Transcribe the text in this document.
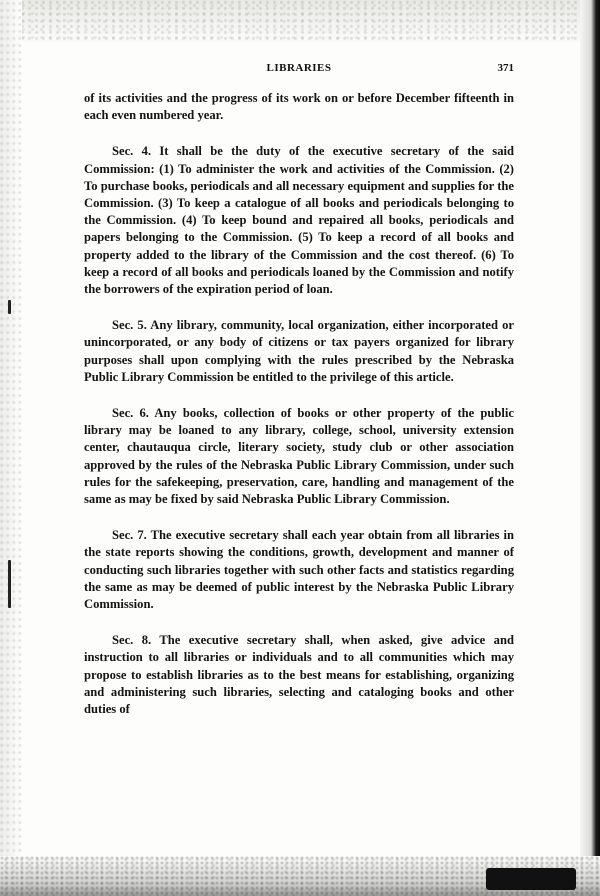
LIBRARIES	371

of its activities and the progress of its work on or before December fifteenth in each even numbered year.

Sec. 4. It shall be the duty of the executive secretary of the said Commission: (1) To administer the work and activities of the Commission. (2) To purchase books, periodicals and all necessary equipment and supplies for the Commission. (3) To keep a catalogue of all books and periodicals belonging to the Commission. (4) To keep bound and repaired all books, periodicals and papers belonging to the Commission. (5) To keep a record of all books and property added to the library of the Commission and the cost thereof. (6) To keep a record of all books and periodicals loaned by the Commission and notify the borrowers of the expiration period of loan.

Sec. 5. Any library, community, local organization, either incorporated or unincorporated, or any body of citizens or tax payers organized for library purposes shall upon complying with the rules prescribed by the Nebraska Public Library Commission be entitled to the privilege of this article.

Sec. 6. Any books, collection of books or other property of the public library may be loaned to any library, college, school, university extension center, chautauqua circle, literary society, study club or other association approved by the rules of the Nebraska Public Library Commission, under such rules for the safekeeping, preservation, care, handling and management of the same as may be fixed by said Nebraska Public Library Commission.

Sec. 7. The executive secretary shall each year obtain from all libraries in the state reports showing the conditions, growth, development and manner of conducting such libraries together with such other facts and statistics regarding the same as may be deemed of public interest by the Nebraska Public Library Commission.

Sec. 8. The executive secretary shall, when asked, give advice and instruction to all libraries or individuals and to all communities which may propose to establish libraries as to the best means for establishing, organizing and administering such libraries, selecting and cataloging books and other duties of
